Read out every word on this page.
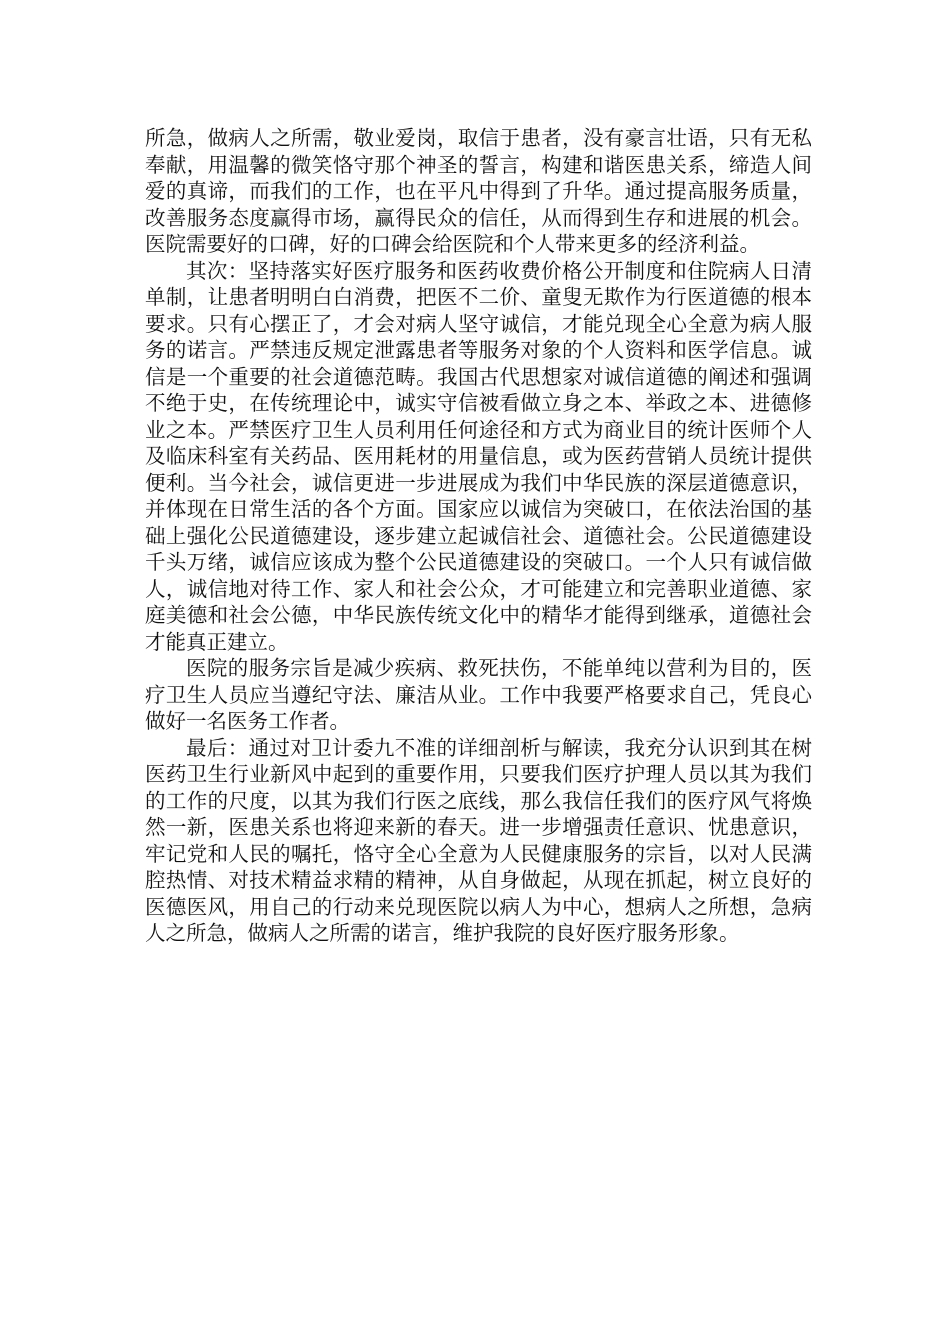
所急，做病人之所需，敬业爱岗，取信于患者，没有豪言壮语，只有无私奉献，用温馨的微笑恪守那个神圣的誓言，构建和谐医患关系，缔造人间爱的真谛，而我们的工作，也在平凡中得到了升华。通过提高服务质量，改善服务态度赢得市场，赢得民众的信任，从而得到生存和进展的机会。医院需要好的口碑，好的口碑会给医院和个人带来更多的经济利益。

其次：坚持落实好医疗服务和医药收费价格公开制度和住院病人日清单制，让患者明明白白消费，把医不二价、童叟无欺作为行医道德的根本要求。只有心摆正了，才会对病人坚守诚信，才能兑现全心全意为病人服务的诺言。严禁违反规定泄露患者等服务对象的个人资料和医学信息。诚信是一个重要的社会道德范畴。我国古代思想家对诚信道德的阐述和强调不绝于史，在传统理论中，诚实守信被看做立身之本、举政之本、进德修业之本。严禁医疗卫生人员利用任何途径和方式为商业目的统计医师个人及临床科室有关药品、医用耗材的用量信息，或为医药营销人员统计提供便利。当今社会，诚信更进一步进展成为我们中华民族的深层道德意识，并体现在日常生活的各个方面。国家应以诚信为突破口，在依法治国的基础上强化公民道德建设，逐步建立起诚信社会、道德社会。公民道德建设千头万绪，诚信应该成为整个公民道德建设的突破口。一个人只有诚信做人，诚信地对待工作、家人和社会公众，才可能建立和完善职业道德、家庭美德和社会公德，中华民族传统文化中的精华才能得到继承，道德社会才能真正建立。

医院的服务宗旨是减少疾病、救死扶伤，不能单纯以营利为目的，医疗卫生人员应当遵纪守法、廉洁从业。工作中我要严格要求自己，凭良心做好一名医务工作者。

最后：通过对卫计委九不准的详细剖析与解读，我充分认识到其在树医药卫生行业新风中起到的重要作用，只要我们医疗护理人员以其为我们的工作的尺度，以其为我们行医之底线，那么我信任我们的医疗风气将焕然一新，医患关系也将迎来新的春天。进一步增强责任意识、忧患意识，牢记党和人民的嘱托，恪守全心全意为人民健康服务的宗旨，以对人民满腔热情、对技术精益求精的精神，从自身做起，从现在抓起，树立良好的医德医风，用自己的行动来兑现医院以病人为中心，想病人之所想，急病人之所急，做病人之所需的诺言，维护我院的良好医疗服务形象。
